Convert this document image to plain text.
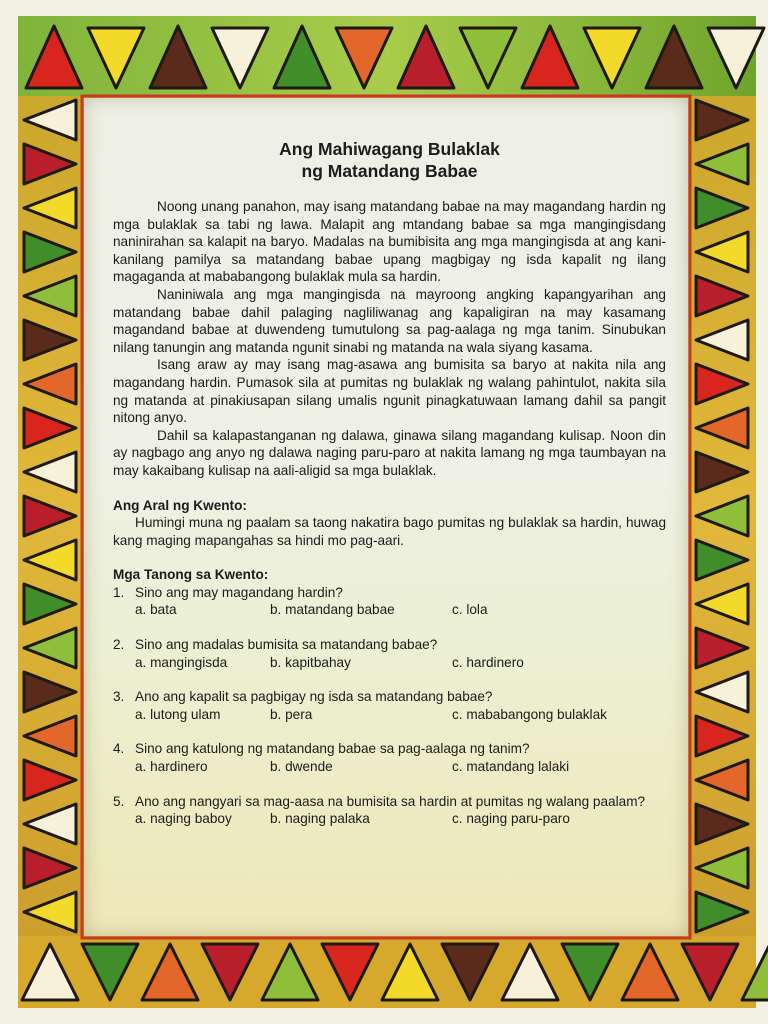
Ang Mahiwagang Bulaklak
ng Matandang Babae

Noong unang panahon, may isang matandang babae na may magandang hardin ng mga bulaklak sa tabi ng lawa. Malapit ang mtandang babae sa mga mangingisdang naninirahan sa kalapit na baryo. Madalas na bumibisita ang mga mangingisda at ang kani-kanilang pamilya sa matandang babae upang magbigay ng isda kapalit ng ilang magaganda at mababangong bulaklak mula sa hardin.

Naniniwala ang mga mangingisda na mayroong angking kapangyarihan ang matandang babae dahil palaging nagliliwanag ang kapaligiran na may kasamang magandand babae at duwendeng tumutulong sa pag-aalaga ng mga tanim. Sinubukan nilang tanungin ang matanda ngunit sinabi ng matanda na wala siyang kasama.

Isang araw ay may isang mag-asawa ang bumisita sa baryo at nakita nila ang magandang hardin. Pumasok sila at pumitas ng bulaklak ng walang pahintulot, nakita sila ng matanda at pinakiusapan silang umalis ngunit pinagkatuwaan lamang dahil sa pangit nitong anyo.

Dahil sa kalapastanganan ng dalawa, ginawa silang magandang kulisap. Noon din ay nagbago ang anyo ng dalawa naging paru-paro at nakita lamang ng mga taumbayan na may kakaibang kulisap na aali-aligid sa mga bulaklak.

Ang Aral ng Kwento:

Humingi muna ng paalam sa taong nakatira bago pumitas ng bulaklak sa hardin, huwag kang maging mapangahas sa hindi mo pag-aari.

Mga Tanong sa Kwento:
1. Sino ang may magandang hardin?
a. bata	b. matandang babae	c. lola
2. Sino ang madalas bumisita sa matandang babae?
a. mangingisda	b. kapitbahay	c. hardinero
3. Ano ang kapalit sa pagbigay ng isda sa matandang babae?
a. lutong ulam	b. pera	c. mababangong bulaklak
4. Sino ang katulong ng matandang babae sa pag-aalaga ng tanim?
a. hardinero	b. dwende	c. matandang lalaki
5. Ano ang nangyari sa mag-aasa na bumisita sa hardin at pumitas ng walang paalam?
a. naging baboy	b. naging palaka	c. naging paru-paro
